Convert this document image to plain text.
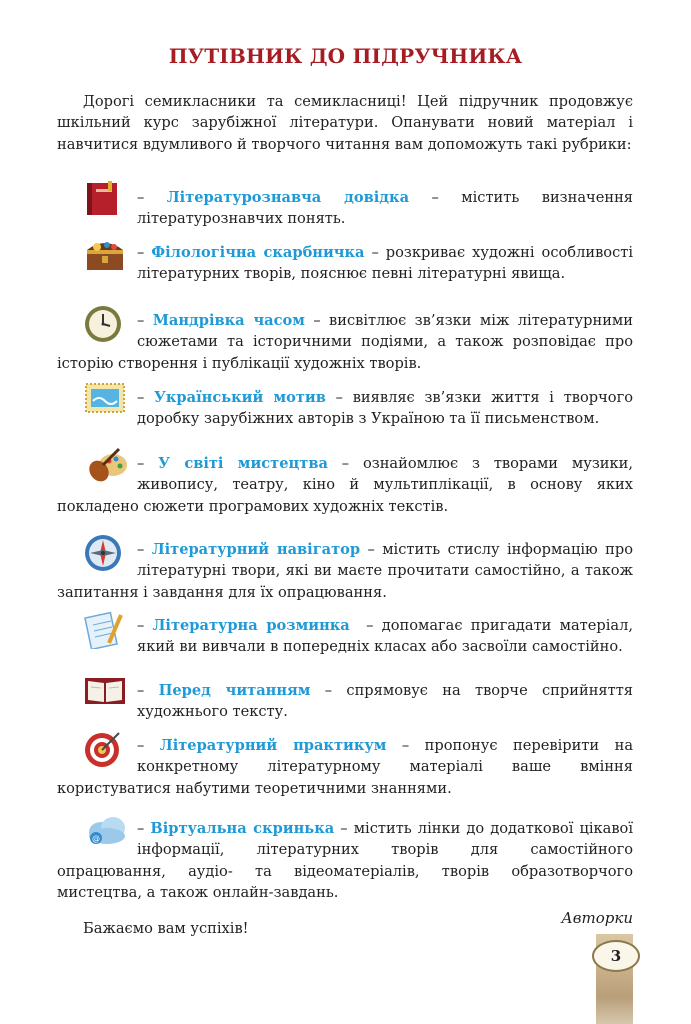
ПУТІВНИК ДО ПІДРУЧНИКА

Дорогі семикласники та семикласниці! Цей підручник продовжує шкільний курс зарубіжної літератури. Опанувати новий матеріал і навчитися вдумливого й творчого читання вам допоможуть такі рубрики:

– Літературознавча довідка – містить визначення літературознавчих понять.

– Філологічна скарбничка – розкриває художні особливості літературних творів, пояснює певні літературні явища.

– Мандрівка часом – висвітлює зв’язки між літературними сюжетами та історичними подіями, а також розповідає про історію створення і публікації художніх творів.

– Український мотив – виявляє зв’язки життя і творчого доробку зарубіжних авторів з Україною та її письменством.

– У світі мистецтва – ознайомлює з творами музики, живопису, театру, кіно й мультиплікації, в основу яких покладено сюжети програмових художніх текстів.

– Літературний навігатор – містить стислу інформацію про літературні твори, які ви маєте прочитати самостійно, а також запитання і завдання для їх опрацювання.

– Літературна розминка  – допомагає пригадати матеріал, який ви вивчали в попередніх класах або засвоїли самостійно.

– Перед читанням – спрямовує на творче сприйняття художнього тексту.

– Літературний практикум – пропонує перевірити на конкретному літературному матеріалі ваше вміння користуватися набутими теоретичними знаннями.

@
– Віртуальна скринька – містить лінки до додаткової цікавої інформації, літературних творів для самостійного опрацювання, аудіо- та відеоматеріалів, творів образотворчого мистецтва, а також онлайн-завдань.

Бажаємо вам успіхів!

Авторки
3
